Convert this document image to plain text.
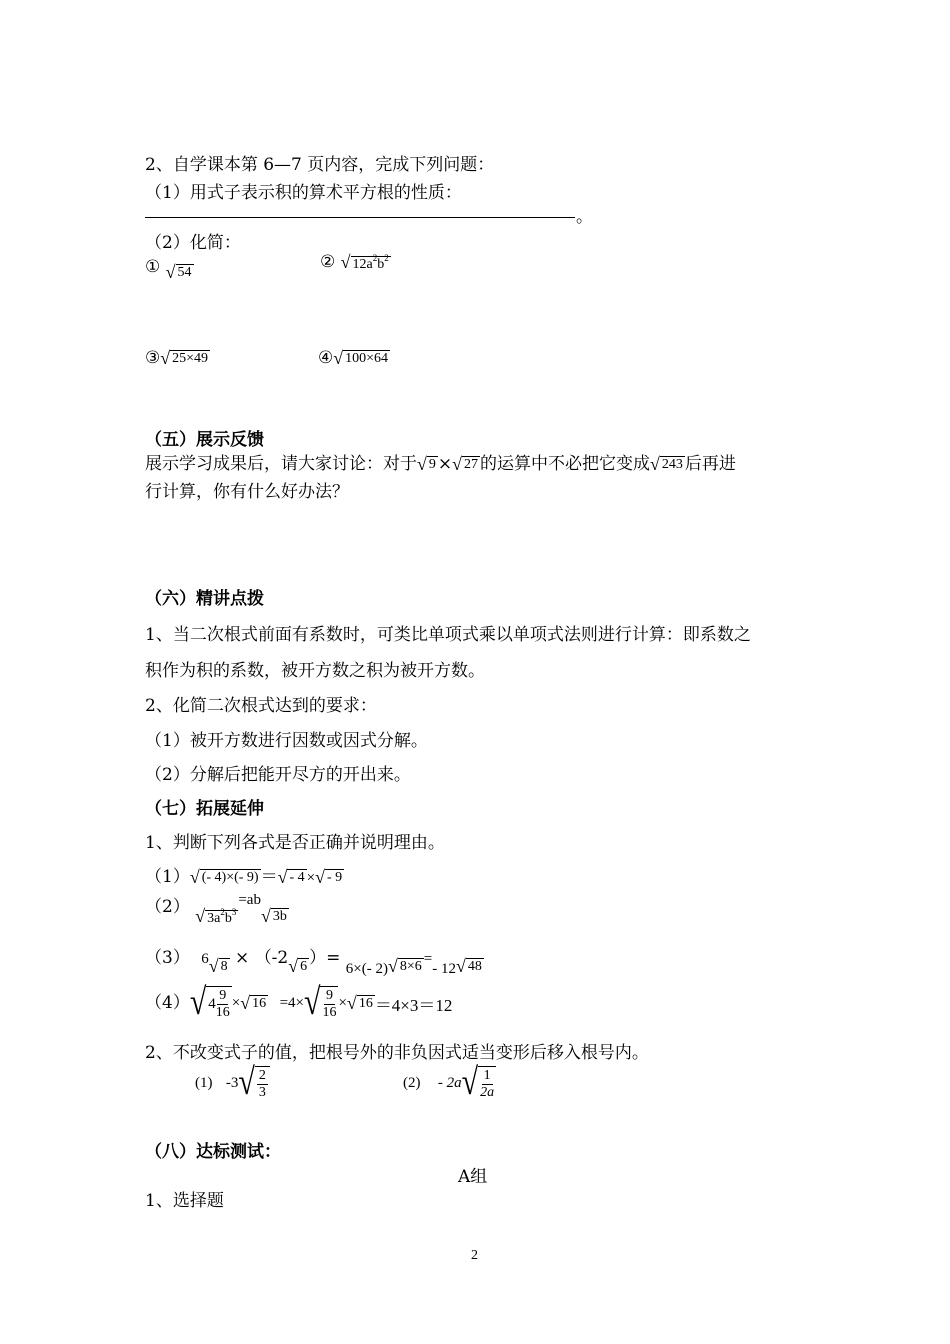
2、自学课本第 6—7 页内容，完成下列问题：
（1）用式子表示积的算术平方根的性质：
。
（2）化简：
① √ 54	② √ $12a^2b^2$
③√ 25×49	④√ 100×64
（五）展示反馈
展示学习成果后，请大家讨论：对于√ 9 ×√ 27 的运算中不必把它变成√ 243 后再进
行计算，你有什么好办法？
（六）精讲点拨
1、当二次根式前面有系数时，可类比单项式乘以单项式法则进行计算：即系数之
积作为积的系数，被开方数之积为被开方数。
2、化简二次根式达到的要求：
（1）被开方数进行因数或因式分解。
（2）分解后把能开尽方的开出来。
（七）拓展延伸
1、判断下列各式是否正确并说明理由。
（1）√ (- 4)×(- 9) ＝√ - 4 ×√ - 9
（2） √ $3a^2b^3=ab√$ 3b
（3） 6√ 8 × （-2√ 6 ）= 6×(- 2)√ 8×6 =- 12√ 48
（4） √ $4 \frac{9}{16}$ ×√ 16 =4× √ $\frac{9}{16}$ ×√ 16 ＝4×3＝12
2、不改变式子的值，把根号外的非负因式适当变形后移入根号内。
(1) -3 √ $\frac{2}{3}$	(2) - 2a √ $\frac{1}{2a}$
（八）达标测试：
A组
1、选择题
2
